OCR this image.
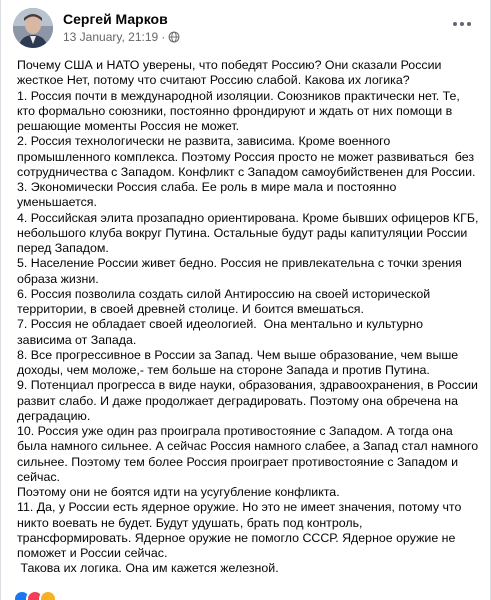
Сергей Марков
13 January, 21:19 ·
Почему США и НАТО уверены, что победят Россию? Они сказали России жесткое Нет, потому что считают Россию слабой. Какова их логика?
1. Россия почти в международной изоляции. Союзников практически нет. Те, кто формально союзники, постоянно фрондируют и ждать от них помощи в решающие моменты Россия не может.
2. Россия технологически не развита, зависима. Кроме военного промышленного комплекса. Поэтому Россия просто не может развиваться  без сотрудничества с Западом. Конфликт с Западом самоубийственен для России.
3. Экономически Россия слаба. Ее роль в мире мала и постоянно уменьшается.
4. Российская элита прозападно ориентирована. Кроме бывших офицеров КГБ, небольшого клуба вокруг Путина. Остальные будут рады капитуляции России перед Западом.
5. Население России живет бедно. Россия не привлекательна с точки зрения образа жизни.
6. Россия позволила создать силой Антироссию на своей исторической территории, в своей древней столице. И боится вмешаться.
7. Россия не обладает своей идеологией.  Она ментально и культурно зависима от Запада.
8. Все прогрессивное в России за Запад. Чем выше образование, чем выше доходы, чем моложе,- тем больше на стороне Запада и против Путина.
9. Потенциал прогресса в виде науки, образования, здравоохранения, в России развит слабо. И даже продолжает деградировать. Поэтому она обречена на деградацию.
10. Россия уже один раз проиграла противостояние с Западом. А тогда она была намного сильнее. А сейчас Россия намного слабее, а Запад стал намного сильнее. Поэтому тем более Россия проиграет противостояние с Западом и сейчас.
Поэтому они не боятся идти на усугубление конфликта.
11. Да, у России есть ядерное оружие. Но это не имеет значения, потому что никто воевать не будет. Будут удушать, брать под контроль, трансформировать. Ядерное оружие не помогло СССР. Ядерное оружие не поможет и России сейчас.
Такова их логика. Она им кажется железной.
